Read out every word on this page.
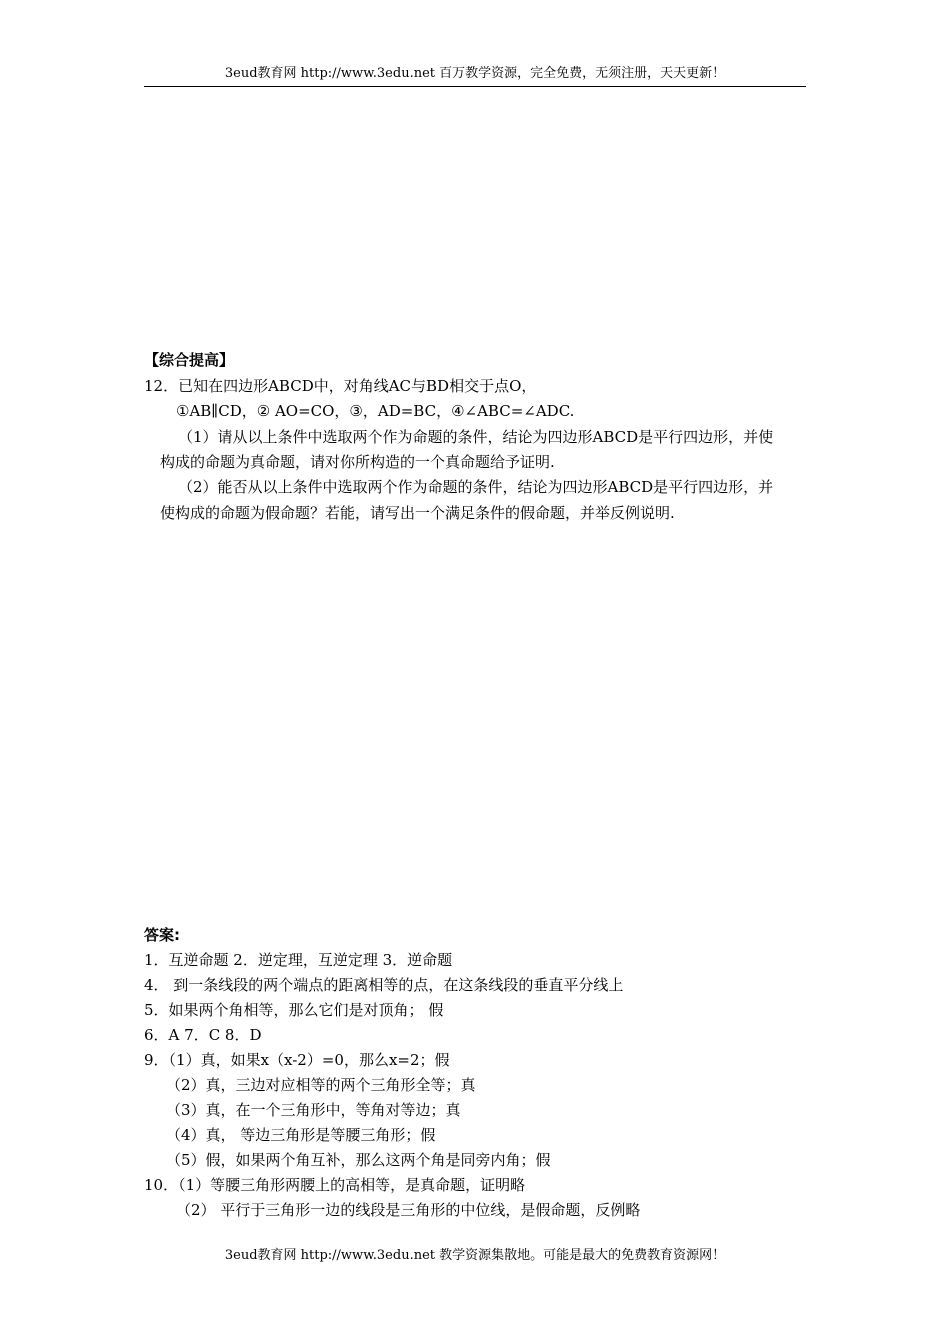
3eud教育网 http://www.3edu.net 百万教学资源，完全免费，无须注册，天天更新！
【综合提高】
12．已知在四边形ABCD中，对角线AC与BD相交于点O，
①AB∥CD，② AO=CO，③，AD=BC，④∠ABC=∠ADC.
（1）请从以上条件中选取两个作为命题的条件，结论为四边形ABCD是平行四边形，并使
构成的命题为真命题，请对你所构造的一个真命题给予证明.
（2）能否从以上条件中选取两个作为命题的条件，结论为四边形ABCD是平行四边形，并
使构成的命题为假命题？若能，请写出一个满足条件的假命题，并举反例说明.
答案:
1．互逆命题 2．逆定理，互逆定理 3．逆命题
4． 到一条线段的两个端点的距离相等的点，在这条线段的垂直平分线上
5．如果两个角相等，那么它们是对顶角； 假
6．A 7．C 8．D
9．（1）真，如果x（x-2）=0，那么x=2；假
（2）真，三边对应相等的两个三角形全等；真
（3）真，在一个三角形中，等角对等边；真
（4）真， 等边三角形是等腰三角形；假
（5）假，如果两个角互补，那么这两个角是同旁内角；假
10．（1）等腰三角形两腰上的高相等，是真命题，证明略
（2） 平行于三角形一边的线段是三角形的中位线，是假命题，反例略
3eud教育网 http://www.3edu.net 教学资源集散地。可能是最大的免费教育资源网！
